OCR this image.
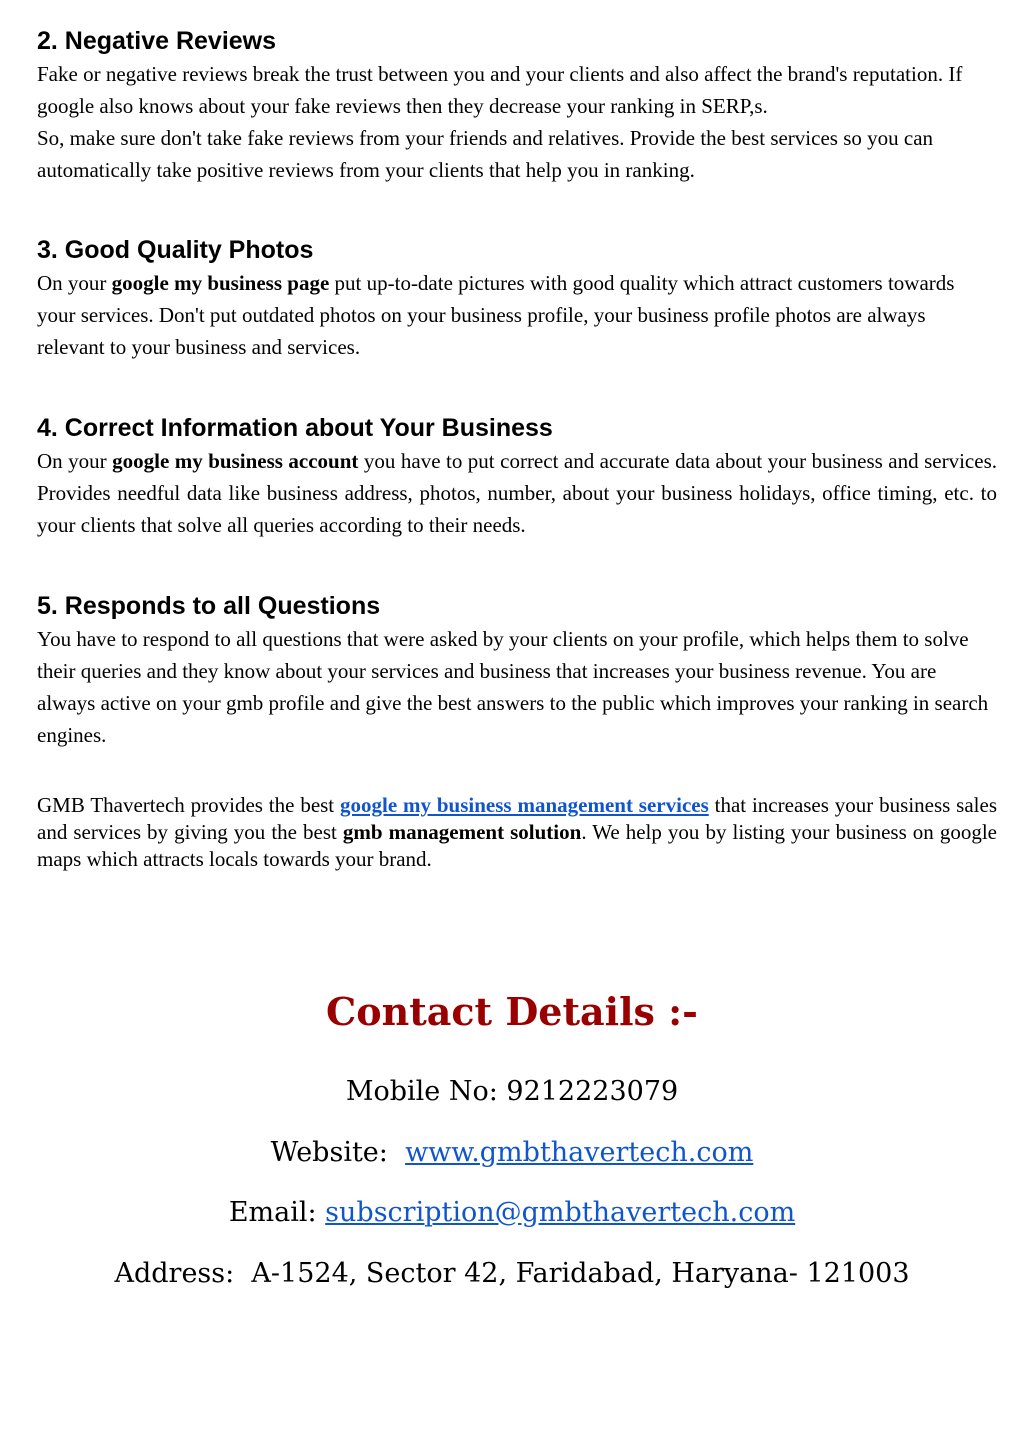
2. Negative Reviews

Fake or negative reviews break the trust between you and your clients and also affect the brand's reputation. If google also knows about your fake reviews then they decrease your ranking in SERP,s.

So, make sure don't take fake reviews from your friends and relatives. Provide the best services so you can automatically take positive reviews from your clients that help you in ranking.

3. Good Quality Photos

On your google my business page put up-to-date pictures with good quality which attract customers towards your services. Don't put outdated photos on your business profile, your business profile photos are always relevant to your business and services.

4. Correct Information about Your Business

On your google my business account you have to put correct and accurate data about your business and services. Provides needful data like business address, photos, number, about your business holidays, office timing, etc. to your clients that solve all queries according to their needs.

5. Responds to all Questions

You have to respond to all questions that were asked by your clients on your profile, which helps them to solve their queries and they know about your services and business that increases your business revenue. You are always active on your gmb profile and give the best answers to the public which improves your ranking in search engines.

GMB Thavertech provides the best google my business management services that increases your business sales and services by giving you the best gmb management solution. We help you by listing your business on google maps which attracts locals towards your brand.

Contact Details :-
Mobile No: 9212223079
Website:  www.gmbthavertech.com
Email: subscription@gmbthavertech.com
Address:  A-1524, Sector 42, Faridabad, Haryana- 121003
